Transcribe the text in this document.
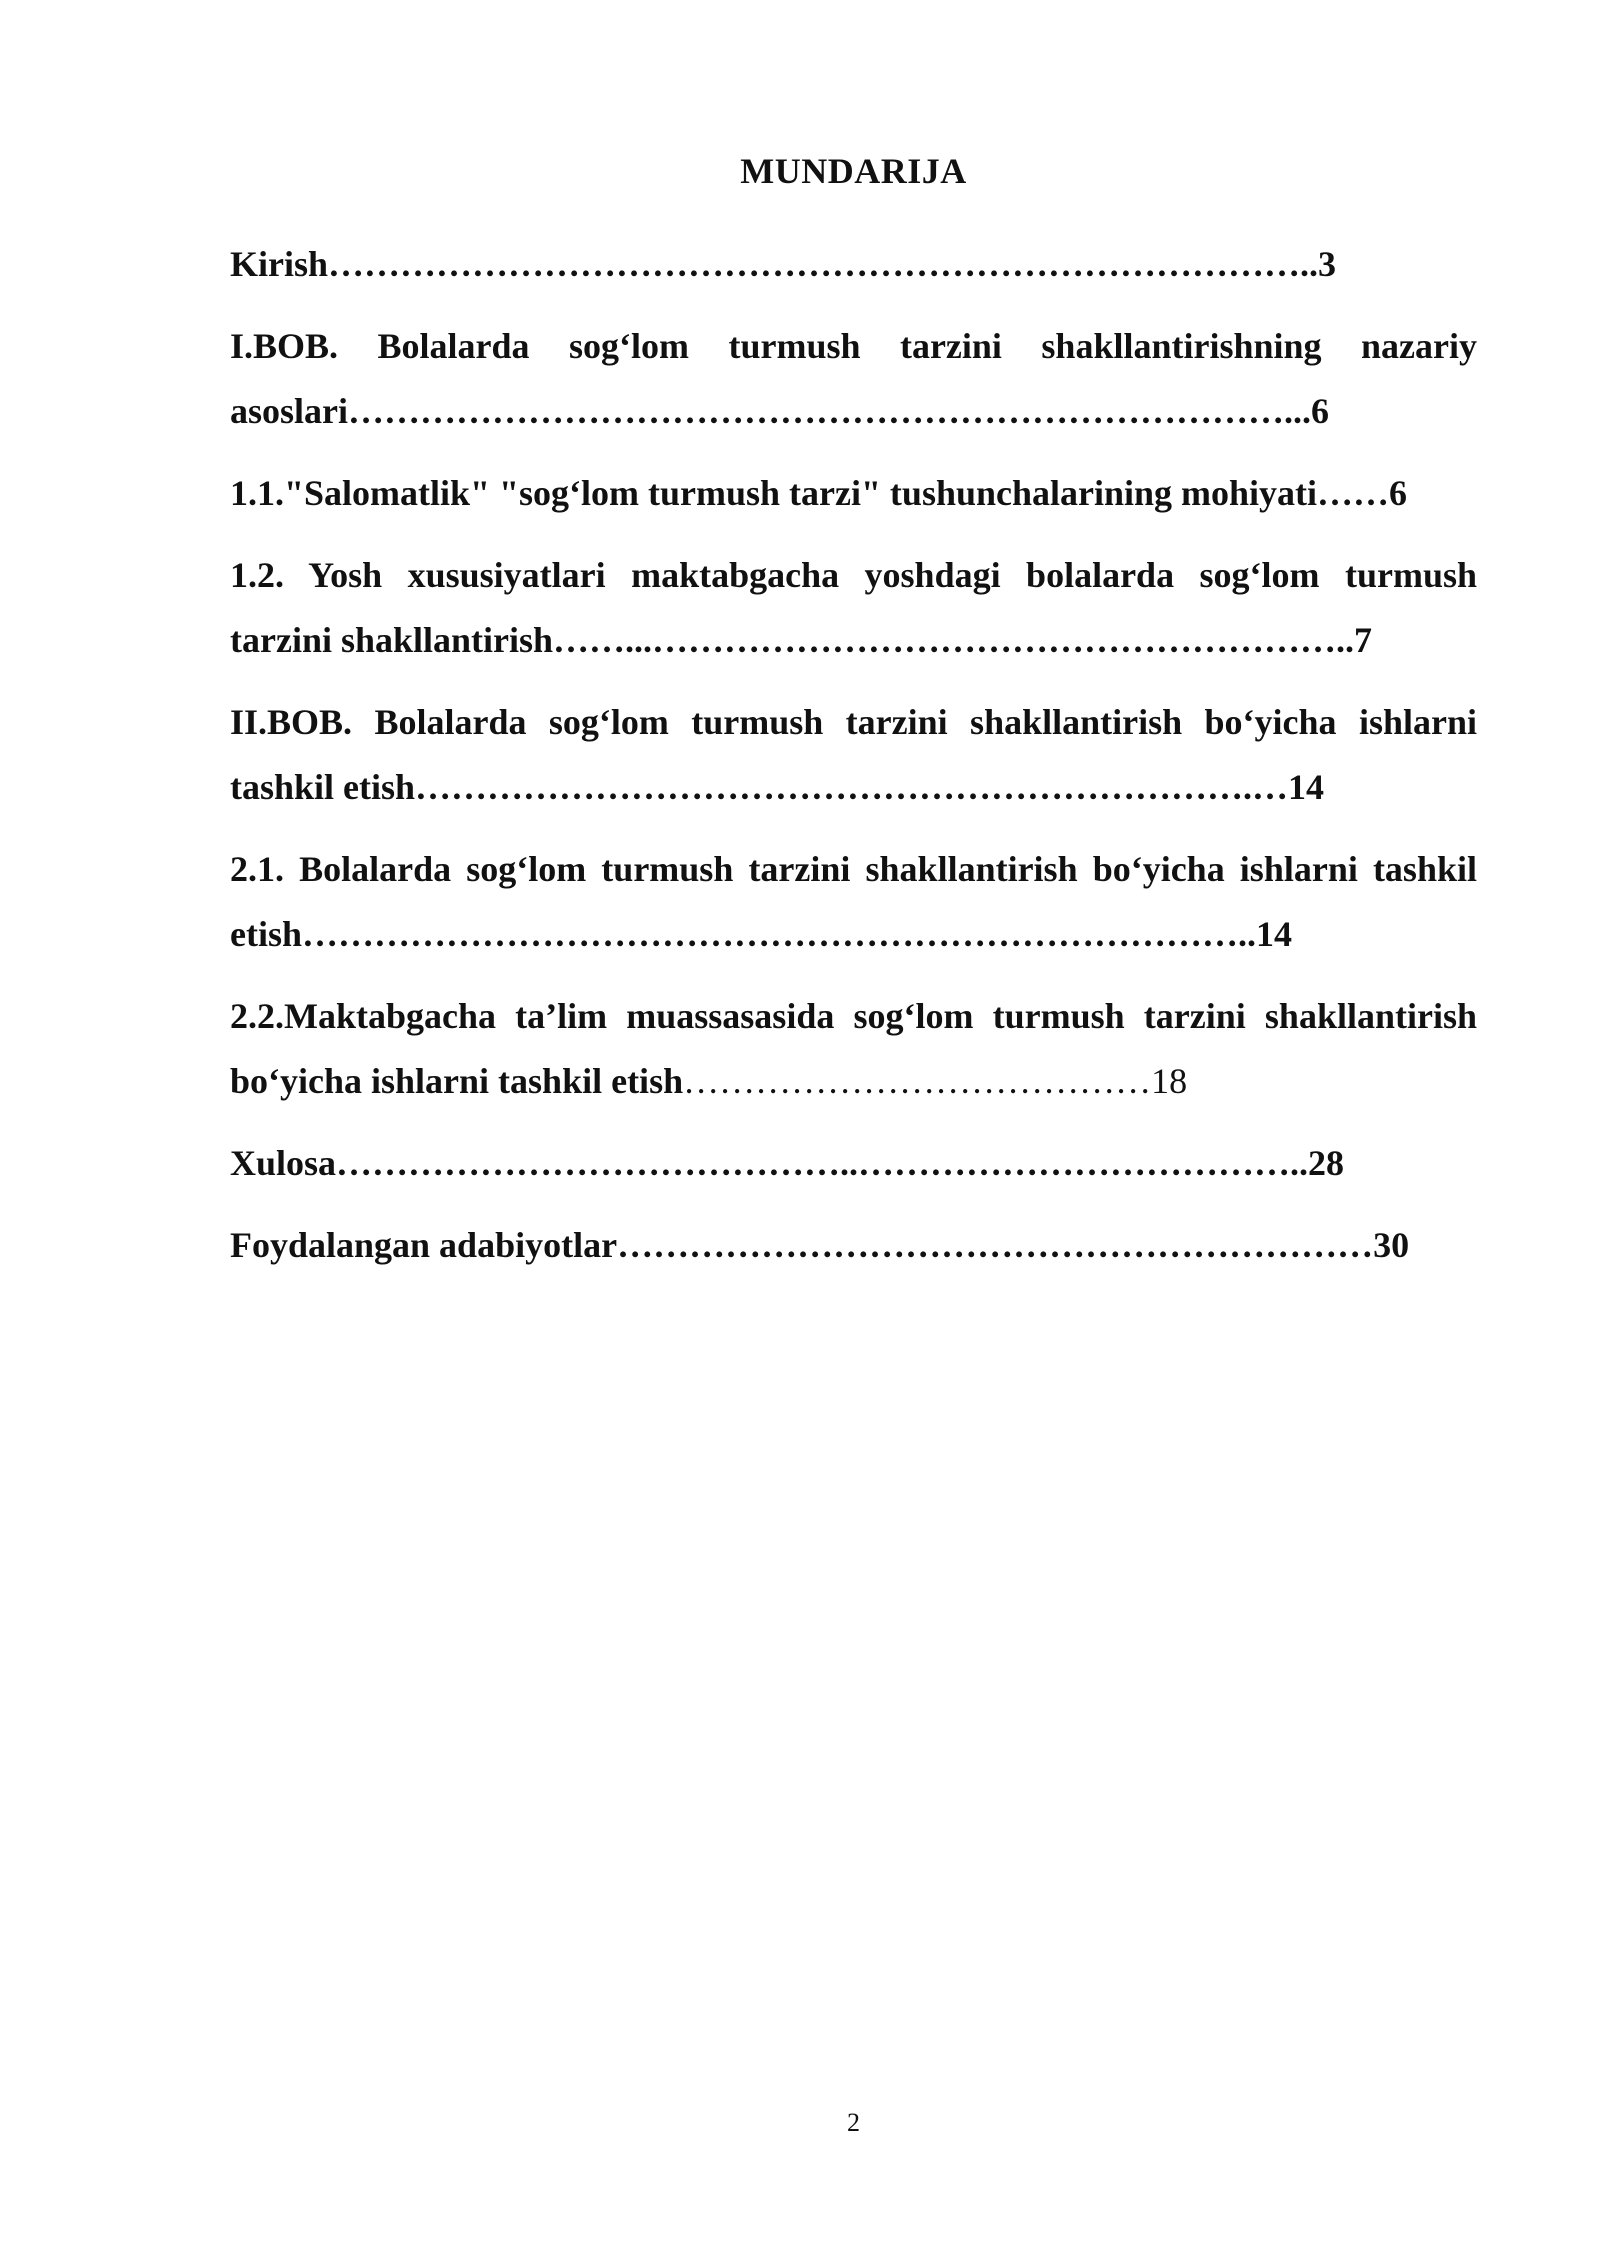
MUNDARIJA
Kirish………………………………………………………………………..3
I.BOB. Bolalarda sog‘lom turmush tarzini shakllantirishning nazariy asoslari……………………………………………………………………...6
1.1."Salomatlik" "sog‘lom turmush tarzi" tushunchalarining mohiyati……6
1.2. Yosh xususiyatlari maktabgacha yoshdagi bolalarda sog‘lom turmush tarzini shakllantirish……...…………………………………………………..7
II.BOB. Bolalarda sog‘lom turmush tarzini shakllantirish bo‘yicha ishlarni tashkil etish…………………………………………………………….…14
2.1. Bolalarda sog‘lom turmush tarzini shakllantirish bo‘yicha ishlarni tashkil etish……………………………………………………………………..14
2.2.Maktabgacha ta’lim muassasasida sog‘lom turmush tarzini shakllantirish bo‘yicha ishlarni tashkil etish…………………………………18
Xulosa……………………………………..………………………………..28
Foydalangan adabiyotlar………………………………………………………30
2
